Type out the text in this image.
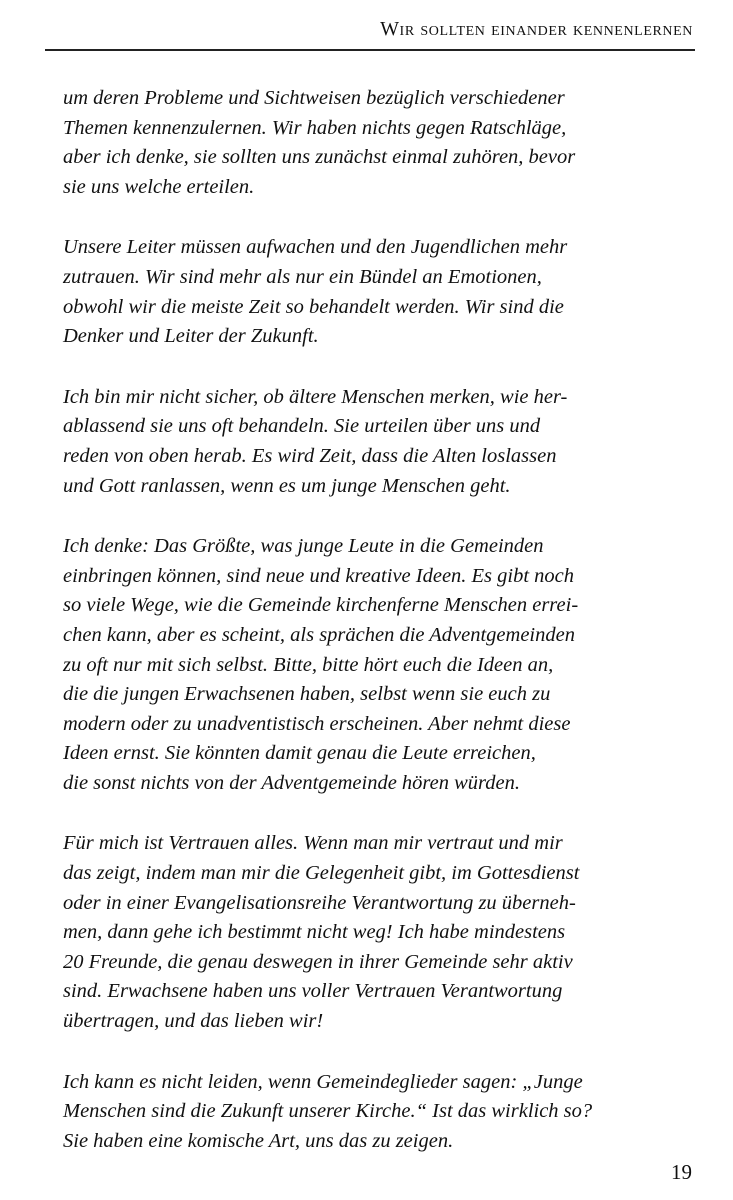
Wir sollten einander kennenlernen
um deren Probleme und Sichtweisen bezüglich verschiedener
Themen kennenzulernen. Wir haben nichts gegen Ratschläge,
aber ich denke, sie sollten uns zunächst einmal zuhören, bevor
sie uns welche erteilen.
Unsere Leiter müssen aufwachen und den Jugendlichen mehr
zutrauen. Wir sind mehr als nur ein Bündel an Emotionen,
obwohl wir die meiste Zeit so behandelt werden. Wir sind die
Denker und Leiter der Zukunft.
Ich bin mir nicht sicher, ob ältere Menschen merken, wie her-
ablassend sie uns oft behandeln. Sie urteilen über uns und
reden von oben herab. Es wird Zeit, dass die Alten loslassen
und Gott ranlassen, wenn es um junge Menschen geht.
Ich denke: Das Größte, was junge Leute in die Gemeinden
einbringen können, sind neue und kreative Ideen. Es gibt noch
so viele Wege, wie die Gemeinde kirchenferne Menschen errei-
chen kann, aber es scheint, als sprächen die Adventgemeinden
zu oft nur mit sich selbst. Bitte, bitte hört euch die Ideen an,
die die jungen Erwachsenen haben, selbst wenn sie euch zu
modern oder zu unadventistisch erscheinen. Aber nehmt diese
Ideen ernst. Sie könnten damit genau die Leute erreichen,
die sonst nichts von der Adventgemeinde hören würden.
Für mich ist Vertrauen alles. Wenn man mir vertraut und mir
das zeigt, indem man mir die Gelegenheit gibt, im Gottesdienst
oder in einer Evangelisationsreihe Verantwortung zu überneh-
men, dann gehe ich bestimmt nicht weg! Ich habe mindestens
20 Freunde, die genau deswegen in ihrer Gemeinde sehr aktiv
sind. Erwachsene haben uns voller Vertrauen Verantwortung
übertragen, und das lieben wir!
Ich kann es nicht leiden, wenn Gemeindeglieder sagen: „Junge
Menschen sind die Zukunft unserer Kirche.“ Ist das wirklich so?
Sie haben eine komische Art, uns das zu zeigen.
19
